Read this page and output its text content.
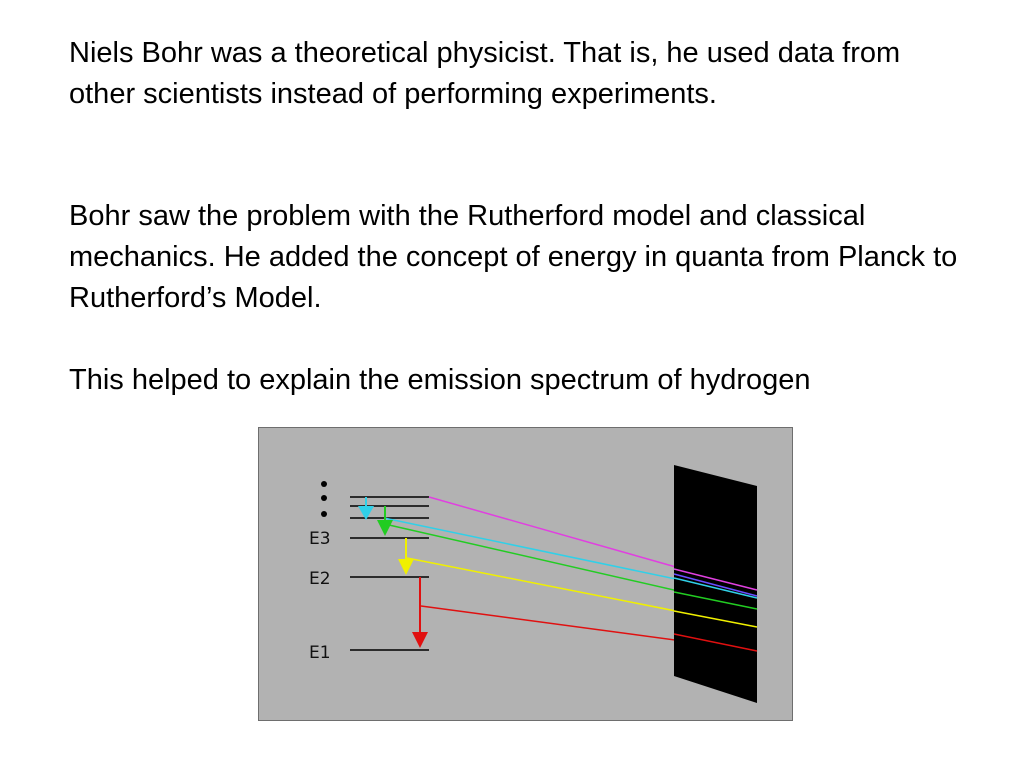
Niels Bohr was a theoretical physicist. That is, he used data from other scientists instead of performing experiments.

Bohr saw the problem with the Rutherford model and classical mechanics. He added the concept of energy in quanta from Planck to Rutherford’s Model.

This helped to explain the emission spectrum of hydrogen

E3
E2
E1
